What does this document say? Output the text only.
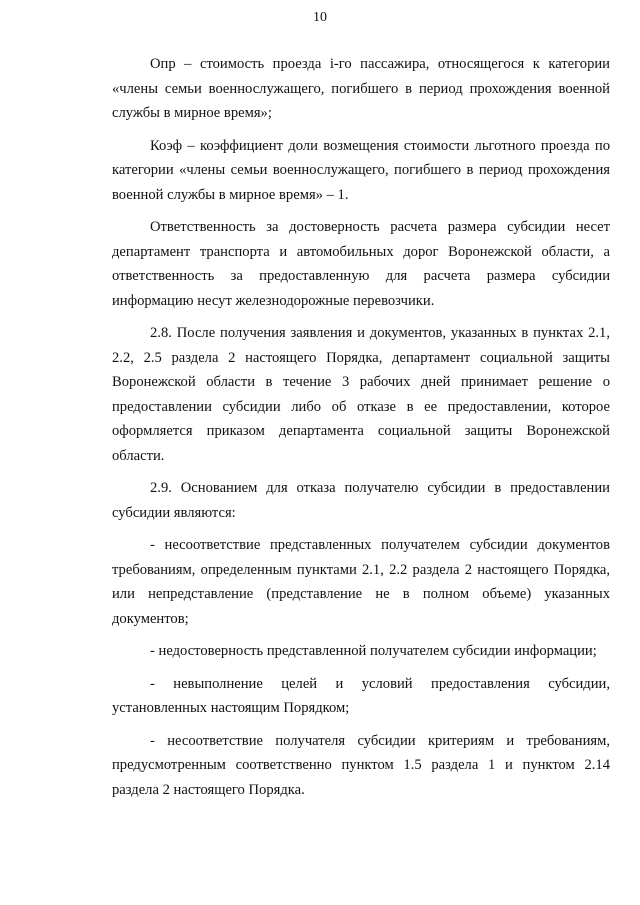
10

Опр – стоимость проезда i-го пассажира, относящегося к категории «члены семьи военнослужащего, погибшего в период прохождения военной службы в мирное время»;

Коэф – коэффициент доли возмещения стоимости льготного проезда по категории «члены семьи военнослужащего, погибшего в период прохождения военной службы в мирное время» – 1.

Ответственность за достоверность расчета размера субсидии несет департамент транспорта и автомобильных дорог Воронежской области, а ответственность за предоставленную для расчета размера субсидии информацию несут железнодорожные перевозчики.

2.8. После получения заявления и документов, указанных в пунктах 2.1, 2.2, 2.5 раздела 2 настоящего Порядка, департамент социальной защиты Воронежской области в течение 3 рабочих дней принимает решение о предоставлении субсидии либо об отказе в ее предоставлении, которое оформляется приказом департамента социальной защиты Воронежской области.

2.9. Основанием для отказа получателю субсидии в предоставлении субсидии являются:

- несоответствие представленных получателем субсидии документов требованиям, определенным пунктами 2.1, 2.2 раздела 2 настоящего Порядка, или непредставление (представление не в полном объеме) указанных документов;

- недостоверность представленной получателем субсидии информации;

- невыполнение целей и условий предоставления субсидии, установленных настоящим Порядком;

- несоответствие получателя субсидии критериям и требованиям, предусмотренным соответственно пунктом 1.5 раздела 1 и пунктом 2.14 раздела 2 настоящего Порядка.
